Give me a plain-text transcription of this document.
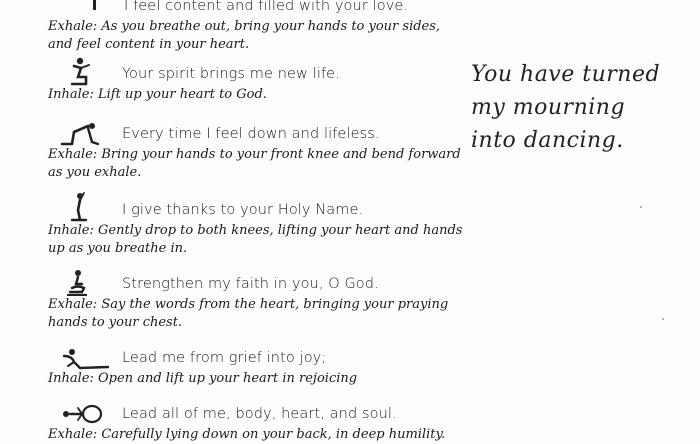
I feel content and filled with your love.

Exhale: As you breathe out, bring your hands to your sides, and feel content in your heart.

Your spirit brings me new life.

Inhale: Lift up your heart to God.

Every time I feel down and lifeless.

Exhale: Bring your hands to your front knee and bend forward as you exhale.

I give thanks to your Holy Name.

Inhale: Gently drop to both knees, lifting your heart and hands up as you breathe in.

Strengthen my faith in you, O God.

Exhale: Say the words from the heart, bringing your praying hands to your chest.

Lead me from grief into joy;

Inhale: Open and lift up your heart in rejoicing

Lead all of me, body, heart, and soul.

Exhale: Carefully lying down on your back, in deep humility.

You have turned
my mourning
into dancing.
